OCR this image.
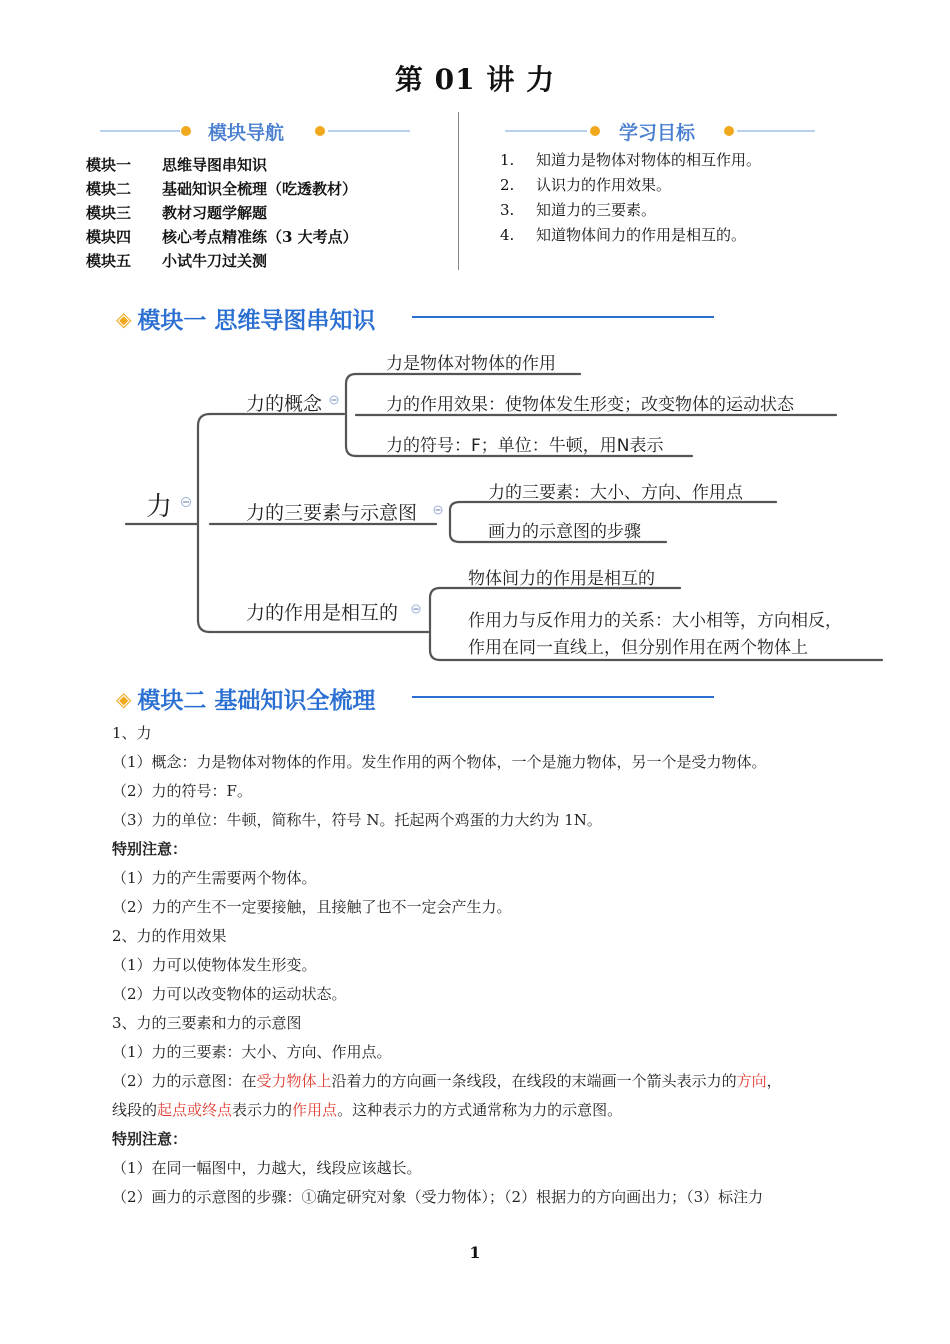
第 01 讲 力
模块导航
模块一	思维导图串知识
模块二	基础知识全梳理（吃透教材）
模块三	教材习题学解题
模块四	核心考点精准练（3 大考点）
模块五	小试牛刀过关测
学习目标
1.	知道力是物体对物体的相互作用。
2.	认识力的作用效果。
3.	知道力的三要素。
4.	知道物体间力的作用是相互的。
◈ 模块一 思维导图串知识
力
力的概念
力的三要素与示意图
力的作用是相互的
力是物体对物体的作用
力的作用效果：使物体发生形变；改变物体的运动状态
力的符号：F；单位：牛顿，用N表示
力的三要素：大小、方向、作用点
画力的示意图的步骤
物体间力的作用是相互的
作用力与反作用力的关系：大小相等，方向相反，
作用在同一直线上，但分别作用在两个物体上
◈ 模块二 基础知识全梳理
1、力
（1）概念：力是物体对物体的作用。发生作用的两个物体，一个是施力物体，另一个是受力物体。
（2）力的符号：F。
（3）力的单位：牛顿，简称牛，符号 N。托起两个鸡蛋的力大约为 1N。
特别注意：
（1）力的产生需要两个物体。
（2）力的产生不一定要接触，且接触了也不一定会产生力。
2、力的作用效果
（1）力可以使物体发生形变。
（2）力可以改变物体的运动状态。
3、力的三要素和力的示意图
（1）力的三要素：大小、方向、作用点。
（2）力的示意图：在受力物体上沿着力的方向画一条线段，在线段的末端画一个箭头表示力的方向，
线段的起点或终点表示力的作用点。这种表示力的方式通常称为力的示意图。
特别注意：
（1）在同一幅图中，力越大，线段应该越长。
（2）画力的示意图的步骤：①确定研究对象（受力物体）；（2）根据力的方向画出力；（3）标注力
1
